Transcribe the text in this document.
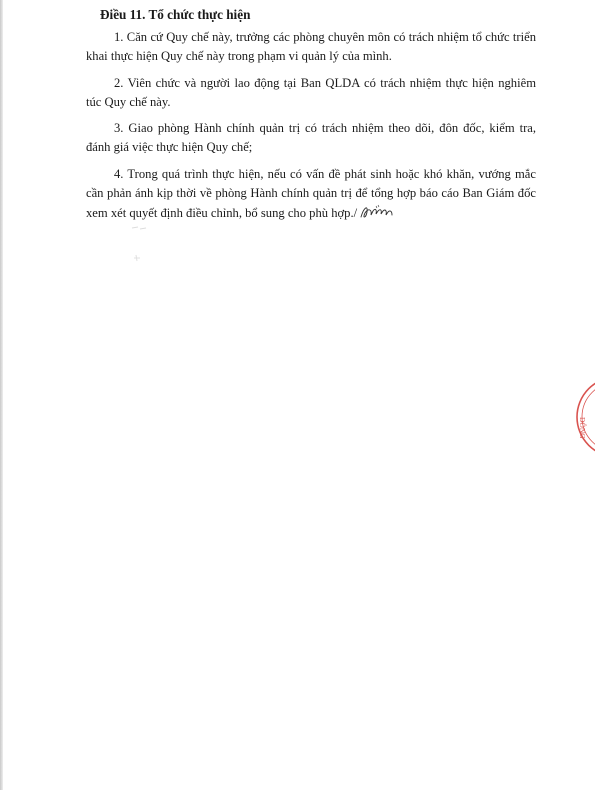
Điều 11. Tổ chức thực hiện

1. Căn cứ Quy chế này, trưởng các phòng chuyên môn có trách nhiệm tổ chức triển khai thực hiện Quy chế này trong phạm vi quản lý của mình.

2. Viên chức và người lao động tại Ban QLDA có trách nhiệm thực hiện nghiêm túc Quy chế này.

3. Giao phòng Hành chính quản trị có trách nhiệm theo dõi, đôn đốc, kiểm tra, đánh giá việc thực hiện Quy chế;

4. Trong quá trình thực hiện, nếu có vấn đề phát sinh hoặc khó khăn, vướng mắc cần phản ánh kịp thời về phòng Hành chính quản trị để tổng hợp báo cáo Ban Giám đốc xem xét quyết định điều chỉnh, bổ sung cho phù hợp./

ĐÔNG
